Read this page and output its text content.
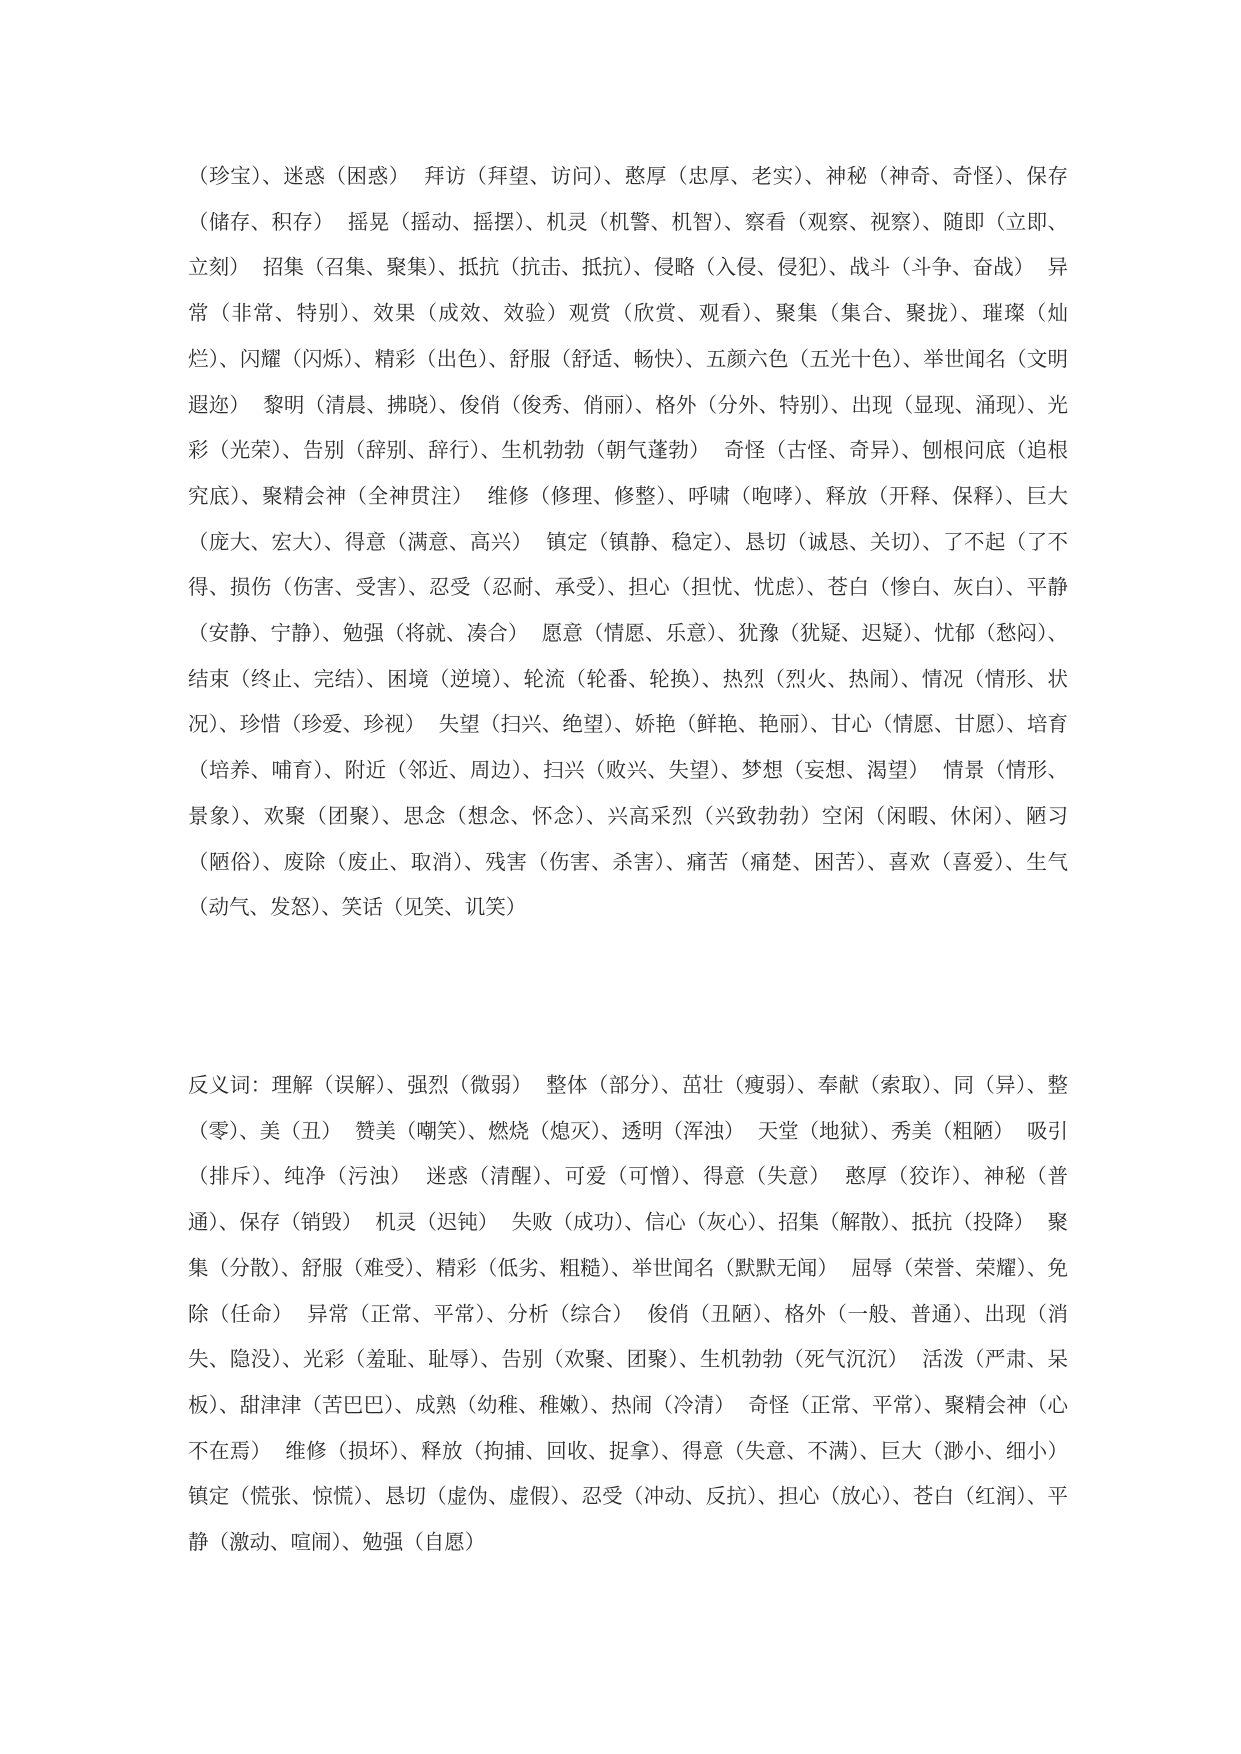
（珍宝）、迷惑（困惑）  拜访（拜望、访问）、憨厚（忠厚、老实）、神秘（神奇、奇怪）、保存（储存、积存）  摇晃（摇动、摇摆）、机灵（机警、机智）、察看（观察、视察）、随即（立即、立刻）  招集（召集、聚集）、抵抗（抗击、抵抗）、侵略（入侵、侵犯）、战斗（斗争、奋战）  异常（非常、特别）、效果（成效、效验）观赏（欣赏、观看）、聚集（集合、聚拢）、璀璨（灿烂）、闪耀（闪烁）、精彩（出色）、舒服（舒适、畅快）、五颜六色（五光十色）、举世闻名（文明遐迩）  黎明（清晨、拂晓）、俊俏（俊秀、俏丽）、格外（分外、特别）、出现（显现、涌现）、光彩（光荣）、告别（辞别、辞行）、生机勃勃（朝气蓬勃）  奇怪（古怪、奇异）、刨根问底（追根究底）、聚精会神（全神贯注）  维修（修理、修整）、呼啸（咆哮）、释放（开释、保释）、巨大（庞大、宏大）、得意（满意、高兴）  镇定（镇静、稳定）、恳切（诚恳、关切）、了不起（了不得、损伤（伤害、受害）、忍受（忍耐、承受）、担心（担忧、忧虑）、苍白（惨白、灰白）、平静（安静、宁静）、勉强（将就、凑合）  愿意（情愿、乐意）、犹豫（犹疑、迟疑）、忧郁（愁闷）、结束（终止、完结）、困境（逆境）、轮流（轮番、轮换）、热烈（烈火、热闹）、情况（情形、状况）、珍惜（珍爱、珍视）  失望（扫兴、绝望）、娇艳（鲜艳、艳丽）、甘心（情愿、甘愿）、培育（培养、哺育）、附近（邻近、周边）、扫兴（败兴、失望）、梦想（妄想、渴望）  情景（情形、景象）、欢聚（团聚）、思念（想念、怀念）、兴高采烈（兴致勃勃）空闲（闲暇、休闲）、陋习（陋俗）、废除（废止、取消）、残害（伤害、杀害）、痛苦（痛楚、困苦）、喜欢（喜爱）、生气（动气、发怒）、笑话（见笑、讥笑）

反义词：理解（误解）、强烈（微弱）  整体（部分）、茁壮（瘦弱）、奉献（索取）、同（异）、整（零）、美（丑）  赞美（嘲笑）、燃烧（熄灭）、透明（浑浊）  天堂（地狱）、秀美（粗陋）  吸引（排斥）、纯净（污浊）  迷惑（清醒）、可爱（可憎）、得意（失意）  憨厚（狡诈）、神秘（普通）、保存（销毁）  机灵（迟钝）  失败（成功）、信心（灰心）、招集（解散）、抵抗（投降）  聚集（分散）、舒服（难受）、精彩（低劣、粗糙）、举世闻名（默默无闻）  屈辱（荣誉、荣耀）、免除（任命）  异常（正常、平常）、分析（综合）  俊俏（丑陋）、格外（一般、普通）、出现（消失、隐没）、光彩（羞耻、耻辱）、告别（欢聚、团聚）、生机勃勃（死气沉沉）  活泼（严肃、呆板）、甜津津（苦巴巴）、成熟（幼稚、稚嫩）、热闹（冷清）  奇怪（正常、平常）、聚精会神（心不在焉）  维修（损坏）、释放（拘捕、回收、捉拿）、得意（失意、不满）、巨大（渺小、细小）  镇定（慌张、惊慌）、恳切（虚伪、虚假）、忍受（冲动、反抗）、担心（放心）、苍白（红润）、平静（激动、喧闹）、勉强（自愿）
